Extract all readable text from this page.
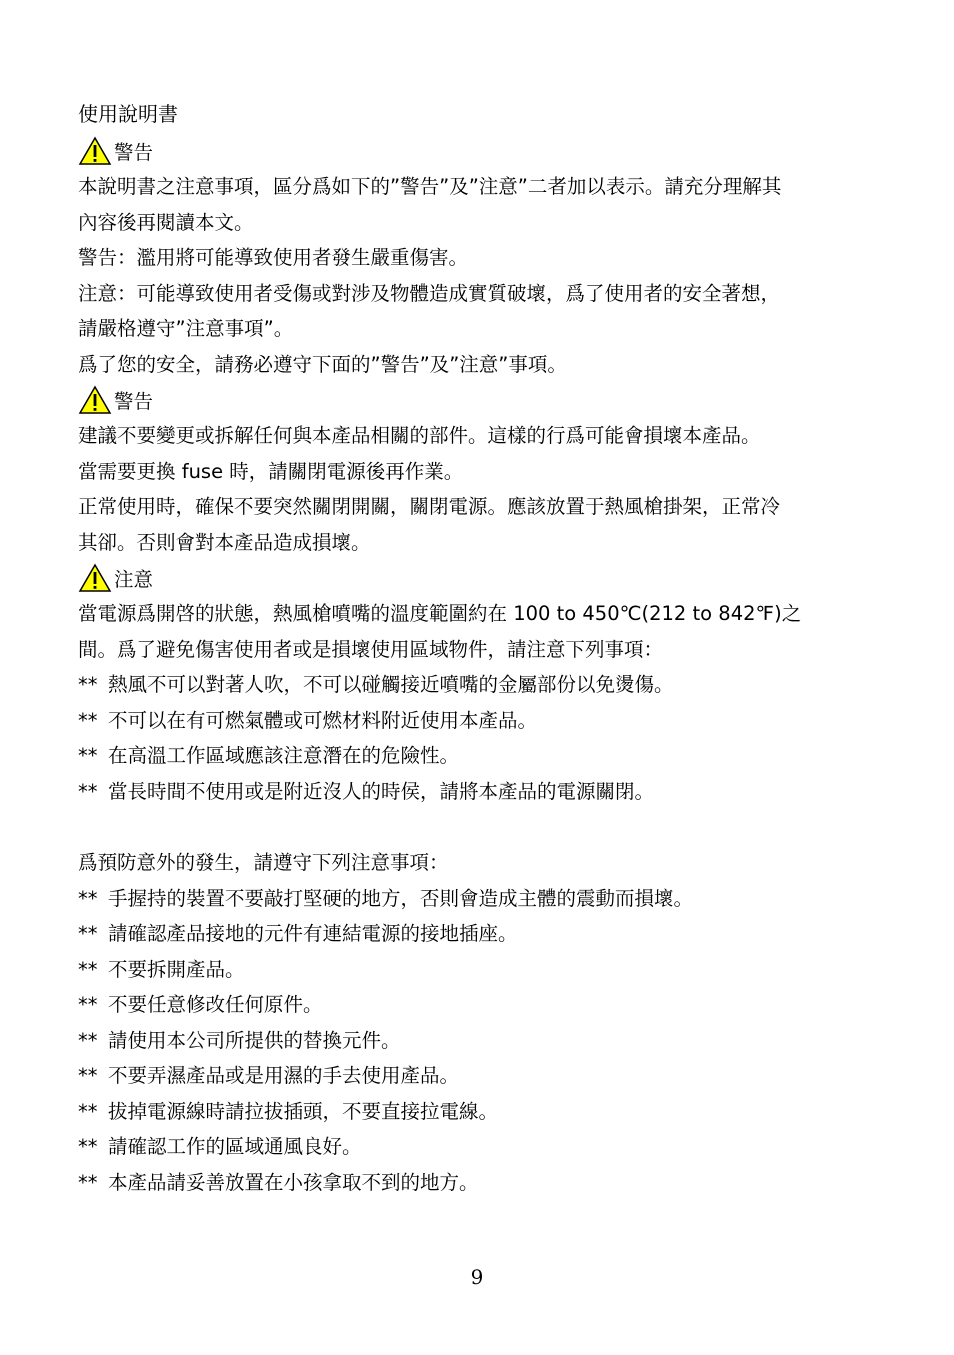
使用說明書
警告

本說明書之注意事項，區分爲如下的”警告”及”注意”二者加以表示。請充分理解其

內容後再閱讀本文。

警告：濫用將可能導致使用者發生嚴重傷害。

注意：可能導致使用者受傷或對涉及物體造成實質破壞，爲了使用者的安全著想，

請嚴格遵守”注意事項”。

爲了您的安全，請務必遵守下面的”警告”及”注意”事項。

警告

建議不要變更或拆解任何與本產品相關的部件。這樣的行爲可能會損壞本產品。

當需要更換 fuse 時，請關閉電源後再作業。

正常使用時，確保不要突然關閉開關，關閉電源。應該放置于熱風槍掛架，正常冷

其卻。否則會對本產品造成損壞。

注意

當電源爲開啓的狀態，熱風槍噴嘴的溫度範圍約在 100 to 450℃(212 to 842℉)之

間。爲了避免傷害使用者或是損壞使用區域物件，請注意下列事項：

** 熱風不可以對著人吹，不可以碰觸接近噴嘴的金屬部份以免燙傷。
** 不可以在有可燃氣體或可燃材料附近使用本產品。
** 在高溫工作區域應該注意潛在的危險性。
** 當長時間不使用或是附近沒人的時侯，請將本產品的電源關閉。

爲預防意外的發生，請遵守下列注意事項：

** 手握持的裝置不要敲打堅硬的地方，否則會造成主體的震動而損壞。
** 請確認產品接地的元件有連結電源的接地插座。
** 不要拆開產品。
** 不要任意修改任何原件。
** 請使用本公司所提供的替換元件。
** 不要弄濕產品或是用濕的手去使用產品。
** 拔掉電源線時請拉拔插頭，不要直接拉電線。
** 請確認工作的區域通風良好。
** 本產品請妥善放置在小孩拿取不到的地方。
9
